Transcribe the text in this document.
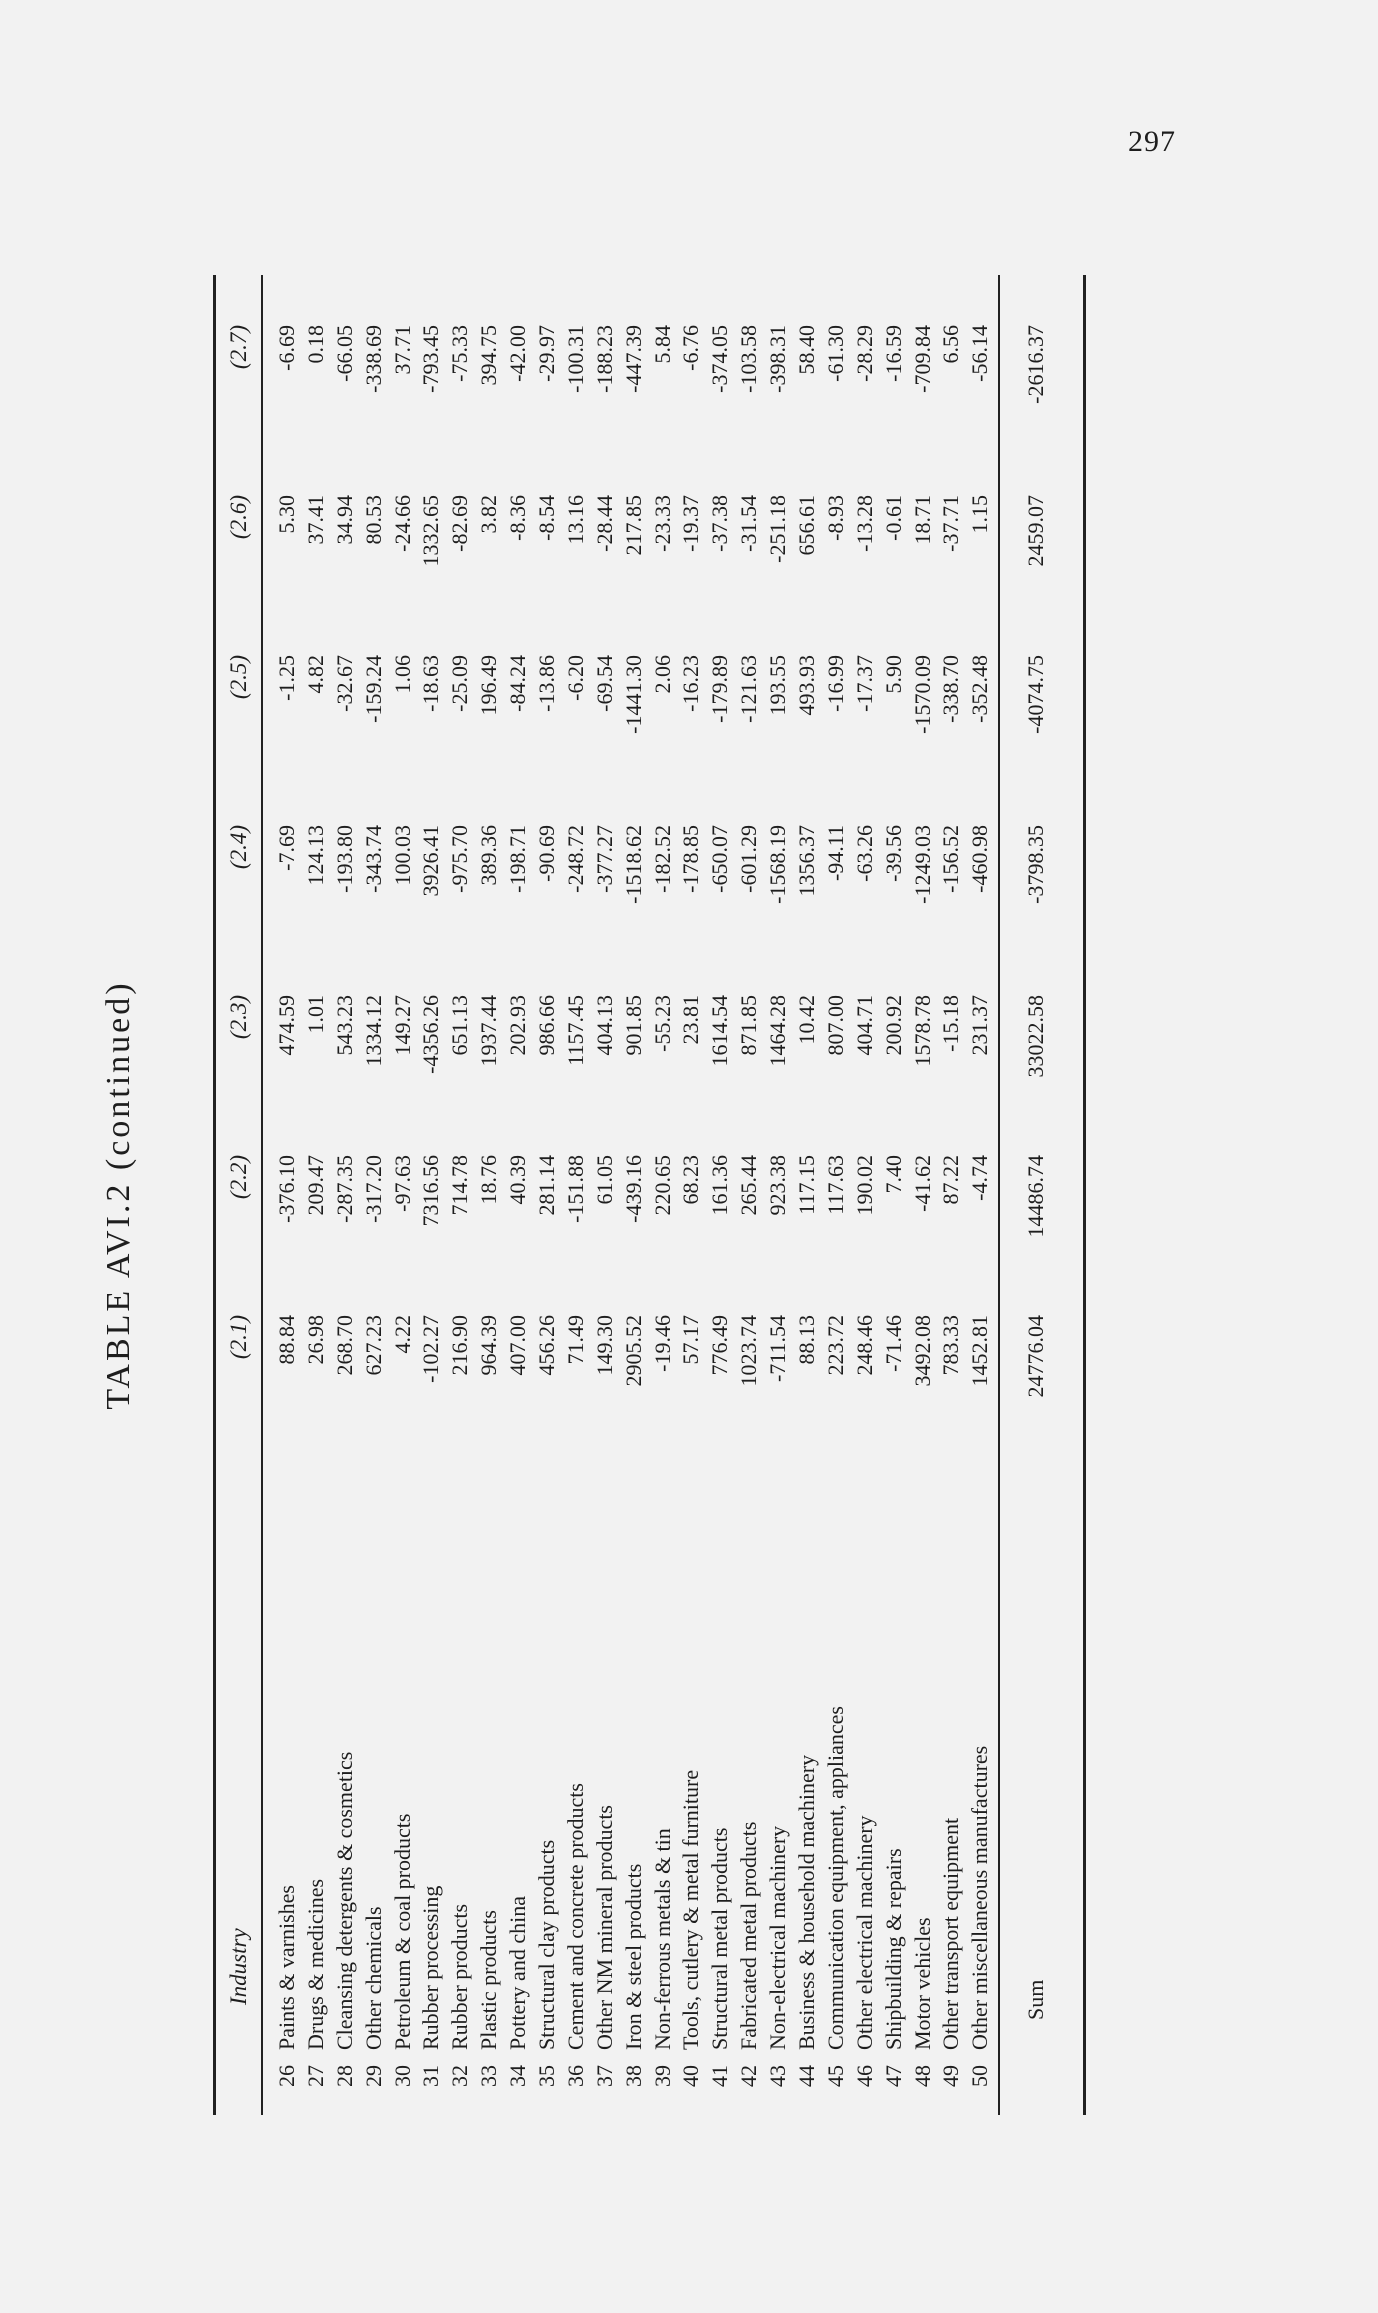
297
TABLE AVI.2 (continued)
Industry
(2.1)
(2.2)
(2.3)
(2.4)
(2.5)
(2.6)
(2.7)
26
Paints & varnishes
88.84
-376.10
474.59
-7.69
-1.25
5.30
-6.69
27
Drugs & medicines
26.98
209.47
1.01
124.13
4.82
37.41
0.18
28
Cleansing detergents & cosmetics
268.70
-287.35
543.23
-193.80
-32.67
34.94
-66.05
29
Other chemicals
627.23
-317.20
1334.12
-343.74
-159.24
80.53
-338.69
30
Petroleum & coal products
4.22
-97.63
149.27
100.03
1.06
-24.66
37.71
31
Rubber processing
-102.27
7316.56
-4356.26
3926.41
-18.63
1332.65
-793.45
32
Rubber products
216.90
714.78
651.13
-975.70
-25.09
-82.69
-75.33
33
Plastic products
964.39
18.76
1937.44
389.36
196.49
3.82
394.75
34
Pottery and china
407.00
40.39
202.93
-198.71
-84.24
-8.36
-42.00
35
Structural clay products
456.26
281.14
986.66
-90.69
-13.86
-8.54
-29.97
36
Cement and concrete products
71.49
-151.88
1157.45
-248.72
-6.20
13.16
-100.31
37
Other NM mineral products
149.30
61.05
404.13
-377.27
-69.54
-28.44
-188.23
38
Iron & steel products
2905.52
-439.16
901.85
-1518.62
-1441.30
217.85
-447.39
39
Non-ferrous metals & tin
-19.46
220.65
-55.23
-182.52
2.06
-23.33
5.84
40
Tools, cutlery & metal furniture
57.17
68.23
23.81
-178.85
-16.23
-19.37
-6.76
41
Structural metal products
776.49
161.36
1614.54
-650.07
-179.89
-37.38
-374.05
42
Fabricated metal products
1023.74
265.44
871.85
-601.29
-121.63
-31.54
-103.58
43
Non-electrical machinery
-711.54
923.38
1464.28
-1568.19
193.55
-251.18
-398.31
44
Business & household machinery
88.13
117.15
10.42
1356.37
493.93
656.61
58.40
45
Communication equipment, appliances
223.72
117.63
807.00
-94.11
-16.99
-8.93
-61.30
46
Other electrical machinery
248.46
190.02
404.71
-63.26
-17.37
-13.28
-28.29
47
Shipbuilding & repairs
-71.46
7.40
200.92
-39.56
5.90
-0.61
-16.59
48
Motor vehicles
3492.08
-41.62
1578.78
-1249.03
-1570.09
18.71
-709.84
49
Other transport equipment
783.33
87.22
-15.18
-156.52
-338.70
-37.71
6.56
50
Other miscellaneous manufactures
1452.81
-4.74
231.37
-460.98
-352.48
1.15
-56.14
Sum
24776.04
14486.74
33022.58
-3798.35
-4074.75
2459.07
-2616.37
